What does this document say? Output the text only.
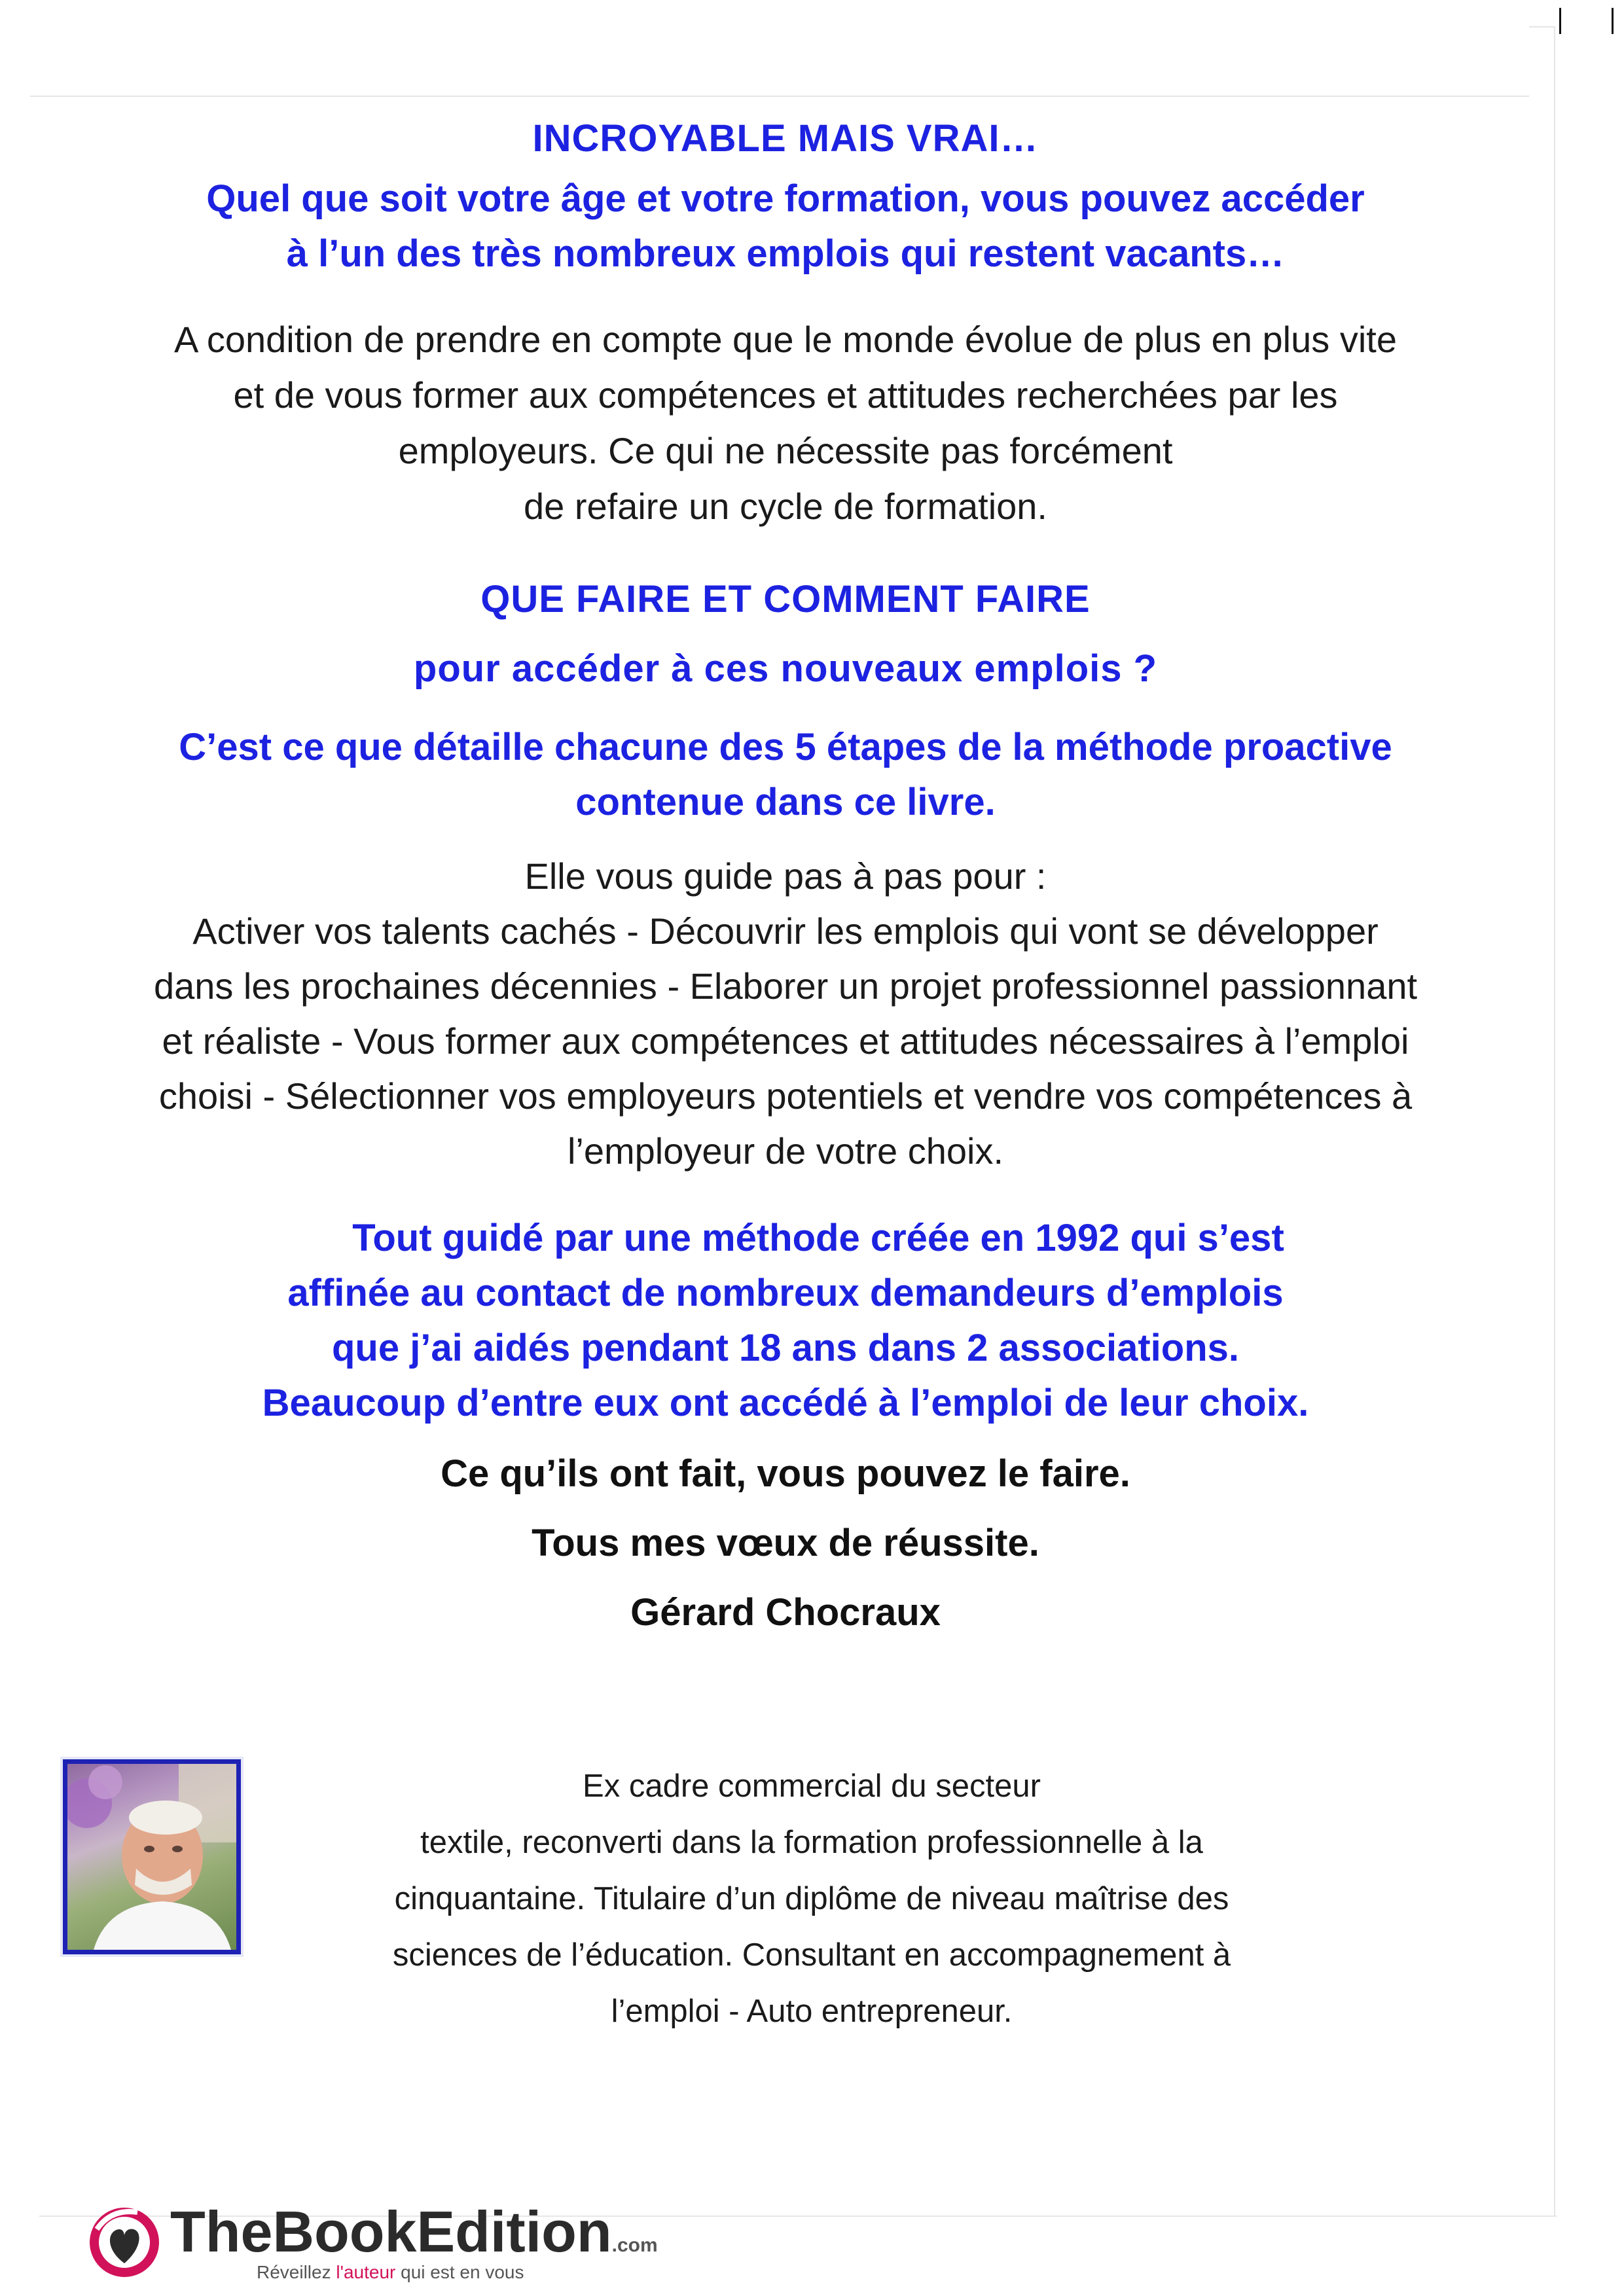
INCROYABLE MAIS VRAI…
Quel que soit votre âge et votre formation, vous pouvez accéder
à l’un des très nombreux emplois qui restent vacants…
A condition de prendre en compte que le monde évolue de plus en plus vite
et de vous former aux compétences et attitudes recherchées par les
employeurs. Ce qui ne nécessite pas forcément
de refaire un cycle de formation.
QUE FAIRE ET COMMENT FAIRE
pour accéder à ces nouveaux emplois ?
C’est ce que détaille chacune des 5 étapes de la méthode proactive
contenue dans ce livre.
Elle vous guide pas à pas pour :
Activer vos talents cachés - Découvrir les emplois qui vont se développer
dans les prochaines décennies - Elaborer un projet professionnel passionnant
et réaliste - Vous former aux compétences et attitudes nécessaires à l’emploi
choisi - Sélectionner vos employeurs potentiels et vendre vos compétences à
l’employeur de votre choix.
Tout guidé par une méthode créée en 1992 qui s’est
affinée au contact de nombreux demandeurs d’emplois
que j’ai aidés pendant 18 ans dans 2 associations.
Beaucoup d’entre eux ont accédé à l’emploi de leur choix.
Ce qu’ils ont fait, vous pouvez le faire.
Tous mes vœux de réussite.
Gérard Chocraux
Ex cadre commercial du secteur
textile, reconverti dans la formation professionnelle à la
cinquantaine. Titulaire d’un diplôme de niveau maîtrise des
sciences de l’éducation. Consultant en accompagnement à
l’emploi - Auto entrepreneur.
TheBookEdition.com
Réveillez l'auteur qui est en vous
